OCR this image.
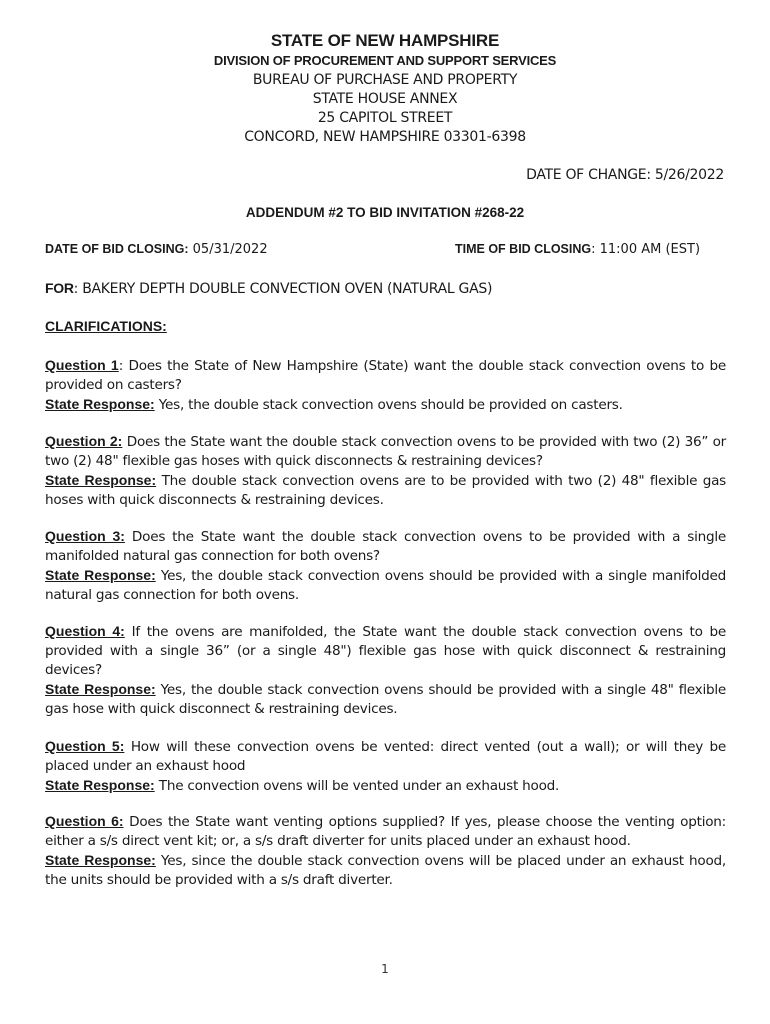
STATE OF NEW HAMPSHIRE
DIVISION OF PROCUREMENT AND SUPPORT SERVICES
BUREAU OF PURCHASE AND PROPERTY
STATE HOUSE ANNEX
25 CAPITOL STREET
CONCORD, NEW HAMPSHIRE 03301-6398
DATE OF CHANGE: 5/26/2022
ADDENDUM #2 TO BID INVITATION #268-22
DATE OF BID CLOSING: 05/31/2022	TIME OF BID CLOSING: 11:00 AM (EST)
FOR: BAKERY DEPTH DOUBLE CONVECTION OVEN (NATURAL GAS)
CLARIFICATIONS:

Question 1: Does the State of New Hampshire (State) want the double stack convection ovens to be provided on casters?

State Response: Yes, the double stack convection ovens should be provided on casters.

Question 2: Does the State want the double stack convection ovens to be provided with two (2) 36” or two (2) 48" flexible gas hoses with quick disconnects & restraining devices?

State Response: The double stack convection ovens are to be provided with two (2) 48" flexible gas hoses with quick disconnects & restraining devices.

Question 3: Does the State want the double stack convection ovens to be provided with a single manifolded natural gas connection for both ovens?

State Response: Yes, the double stack convection ovens should be provided with a single manifolded natural gas connection for both ovens.

Question 4: If the ovens are manifolded, the State want the double stack convection ovens to be provided with a single 36” (or a single 48") flexible gas hose with quick disconnect & restraining devices?

State Response: Yes, the double stack convection ovens should be provided with a single 48" flexible gas hose with quick disconnect & restraining devices.

Question 5: How will these convection ovens be vented: direct vented (out a wall); or will they be placed under an exhaust hood

State Response: The convection ovens will be vented under an exhaust hood.

Question 6: Does the State want venting options supplied? If yes, please choose the venting option: either a s/s direct vent kit; or, a s/s draft diverter for units placed under an exhaust hood.

State Response: Yes, since the double stack convection ovens will be placed under an exhaust hood, the units should be provided with a s/s draft diverter.

1
